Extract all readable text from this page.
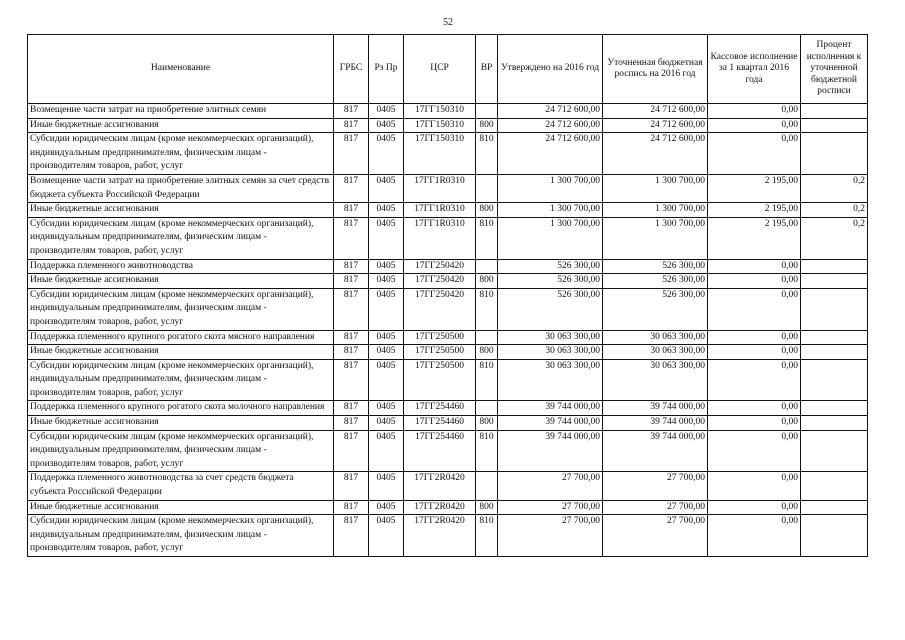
52
Наименование	ГРБС	Рз Пр	ЦСР	ВР	Утверждено на 2016 год	Уточненная бюджетная роспись на 2016 год	Кассовое исполнение за 1 квартал 2016 года	Процент исполнения к уточненной бюджетной росписи
Возмещение части затрат на приобретение элитных семян	817	0405	17ГГ150310		24 712 600,00	24 712 600,00	0,00	
Иные бюджетные ассигнования	817	0405	17ГГ150310	800	24 712 600,00	24 712 600,00	0,00	
Субсидии юридическим лицам (кроме некоммерческих организаций), индивидуальным предпринимателям, физическим лицам - производителям товаров, работ, услуг	817	0405	17ГГ150310	810	24 712 600,00	24 712 600,00	0,00	
Возмещение части затрат на приобретение элитных семян за счет средств бюджета субъекта Российской Федерации	817	0405	17ГГ1R0310		1 300 700,00	1 300 700,00	2 195,00	0,2
Иные бюджетные ассигнования	817	0405	17ГГ1R0310	800	1 300 700,00	1 300 700,00	2 195,00	0,2
Субсидии юридическим лицам (кроме некоммерческих организаций), индивидуальным предпринимателям, физическим лицам - производителям товаров, работ, услуг	817	0405	17ГГ1R0310	810	1 300 700,00	1 300 700,00	2 195,00	0,2
Поддержка племенного животноводства	817	0405	17ГГ250420		526 300,00	526 300,00	0,00	
Иные бюджетные ассигнования	817	0405	17ГГ250420	800	526 300,00	526 300,00	0,00	
Субсидии юридическим лицам (кроме некоммерческих организаций), индивидуальным предпринимателям, физическим лицам - производителям товаров, работ, услуг	817	0405	17ГГ250420	810	526 300,00	526 300,00	0,00	
Поддержка племенного крупного рогатого скота мясного направления	817	0405	17ГГ250500		30 063 300,00	30 063 300,00	0,00	
Иные бюджетные ассигнования	817	0405	17ГГ250500	800	30 063 300,00	30 063 300,00	0,00	
Субсидии юридическим лицам (кроме некоммерческих организаций), индивидуальным предпринимателям, физическим лицам - производителям товаров, работ, услуг	817	0405	17ГГ250500	810	30 063 300,00	30 063 300,00	0,00	
Поддержка племенного крупного рогатого скота молочного направления	817	0405	17ГГ254460		39 744 000,00	39 744 000,00	0,00	
Иные бюджетные ассигнования	817	0405	17ГГ254460	800	39 744 000,00	39 744 000,00	0,00	
Субсидии юридическим лицам (кроме некоммерческих организаций), индивидуальным предпринимателям, физическим лицам - производителям товаров, работ, услуг	817	0405	17ГГ254460	810	39 744 000,00	39 744 000,00	0,00	
Поддержка племенного животноводства за счет средств бюджета субъекта Российской Федерации	817	0405	17ГГ2R0420		27 700,00	27 700,00	0,00	
Иные бюджетные ассигнования	817	0405	17ГГ2R0420	800	27 700,00	27 700,00	0,00	
Субсидии юридическим лицам (кроме некоммерческих организаций), индивидуальным предпринимателям, физическим лицам - производителям товаров, работ, услуг	817	0405	17ГГ2R0420	810	27 700,00	27 700,00	0,00	
